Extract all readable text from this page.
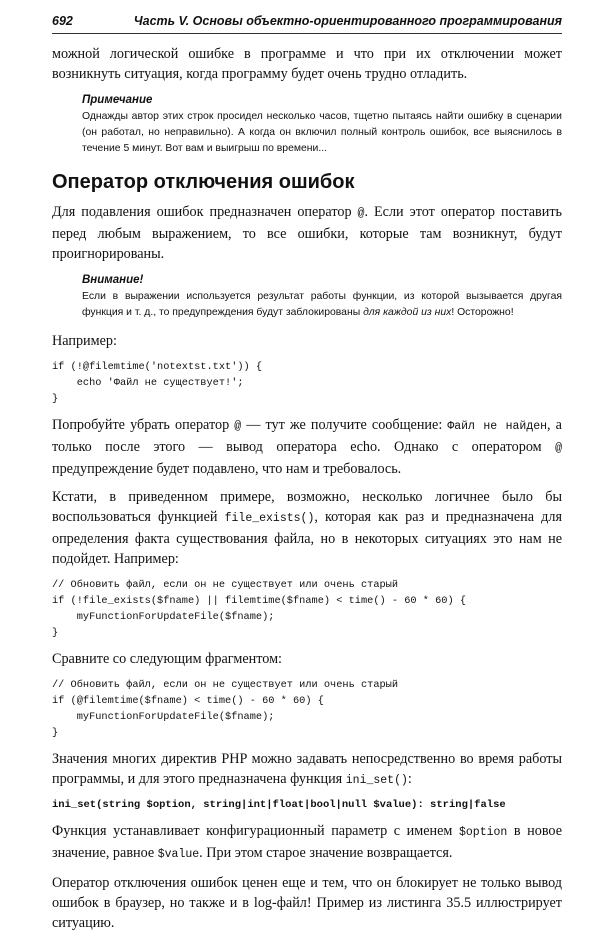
692	Часть V. Основы объектно-ориентированного программирования

можной логической ошибке в программе и что при их отключении может возникнуть ситуация, когда программу будет очень трудно отладить.

Примечание
Однажды автор этих строк просидел несколько часов, тщетно пытаясь найти ошибку в сценарии (он работал, но неправильно). А когда он включил полный контроль ошибок, все выяснилось в течение 5 минут. Вот вам и выигрыш по времени...
Оператор отключения ошибок

Для подавления ошибок предназначен оператор @. Если этот оператор поставить перед любым выражением, то все ошибки, которые там возникнут, будут проигнорированы.

Внимание!
Если в выражении используется результат работы функции, из которой вызывается другая функция и т. д., то предупреждения будут заблокированы для каждой из них! Осторожно!

Например:

if (!@filemtime('notextst.txt')) {
echo 'Файл не существует!';
}

Попробуйте убрать оператор @ — тут же получите сообщение: Файл не найден, а только после этого — вывод оператора echo. Однако с оператором @ предупреждение будет подавлено, что нам и требовалось.

Кстати, в приведенном примере, возможно, несколько логичнее было бы воспользоваться функцией file_exists(), которая как раз и предназначена для определения факта существования файла, но в некоторых ситуациях это нам не подойдет. Например:

// Обновить файл, если он не существует или очень старый
if (!file_exists($fname) || filemtime($fname) < time() - 60 * 60) {
myFunctionForUpdateFile($fname);
}

Сравните со следующим фрагментом:

// Обновить файл, если он не существует или очень старый
if (@filemtime($fname) < time() - 60 * 60) {
myFunctionForUpdateFile($fname);
}

Значения многих директив PHP можно задавать непосредственно во время работы программы, и для этого предназначена функция ini_set():

ini_set(string $option, string|int|float|bool|null $value): string|false

Функция устанавливает конфигурационный параметр с именем $option в новое значение, равное $value. При этом старое значение возвращается.

Оператор отключения ошибок ценен еще и тем, что он блокирует не только вывод ошибок в браузер, но также и в log-файл! Пример из листинга 35.5 иллюстрирует ситуацию.
